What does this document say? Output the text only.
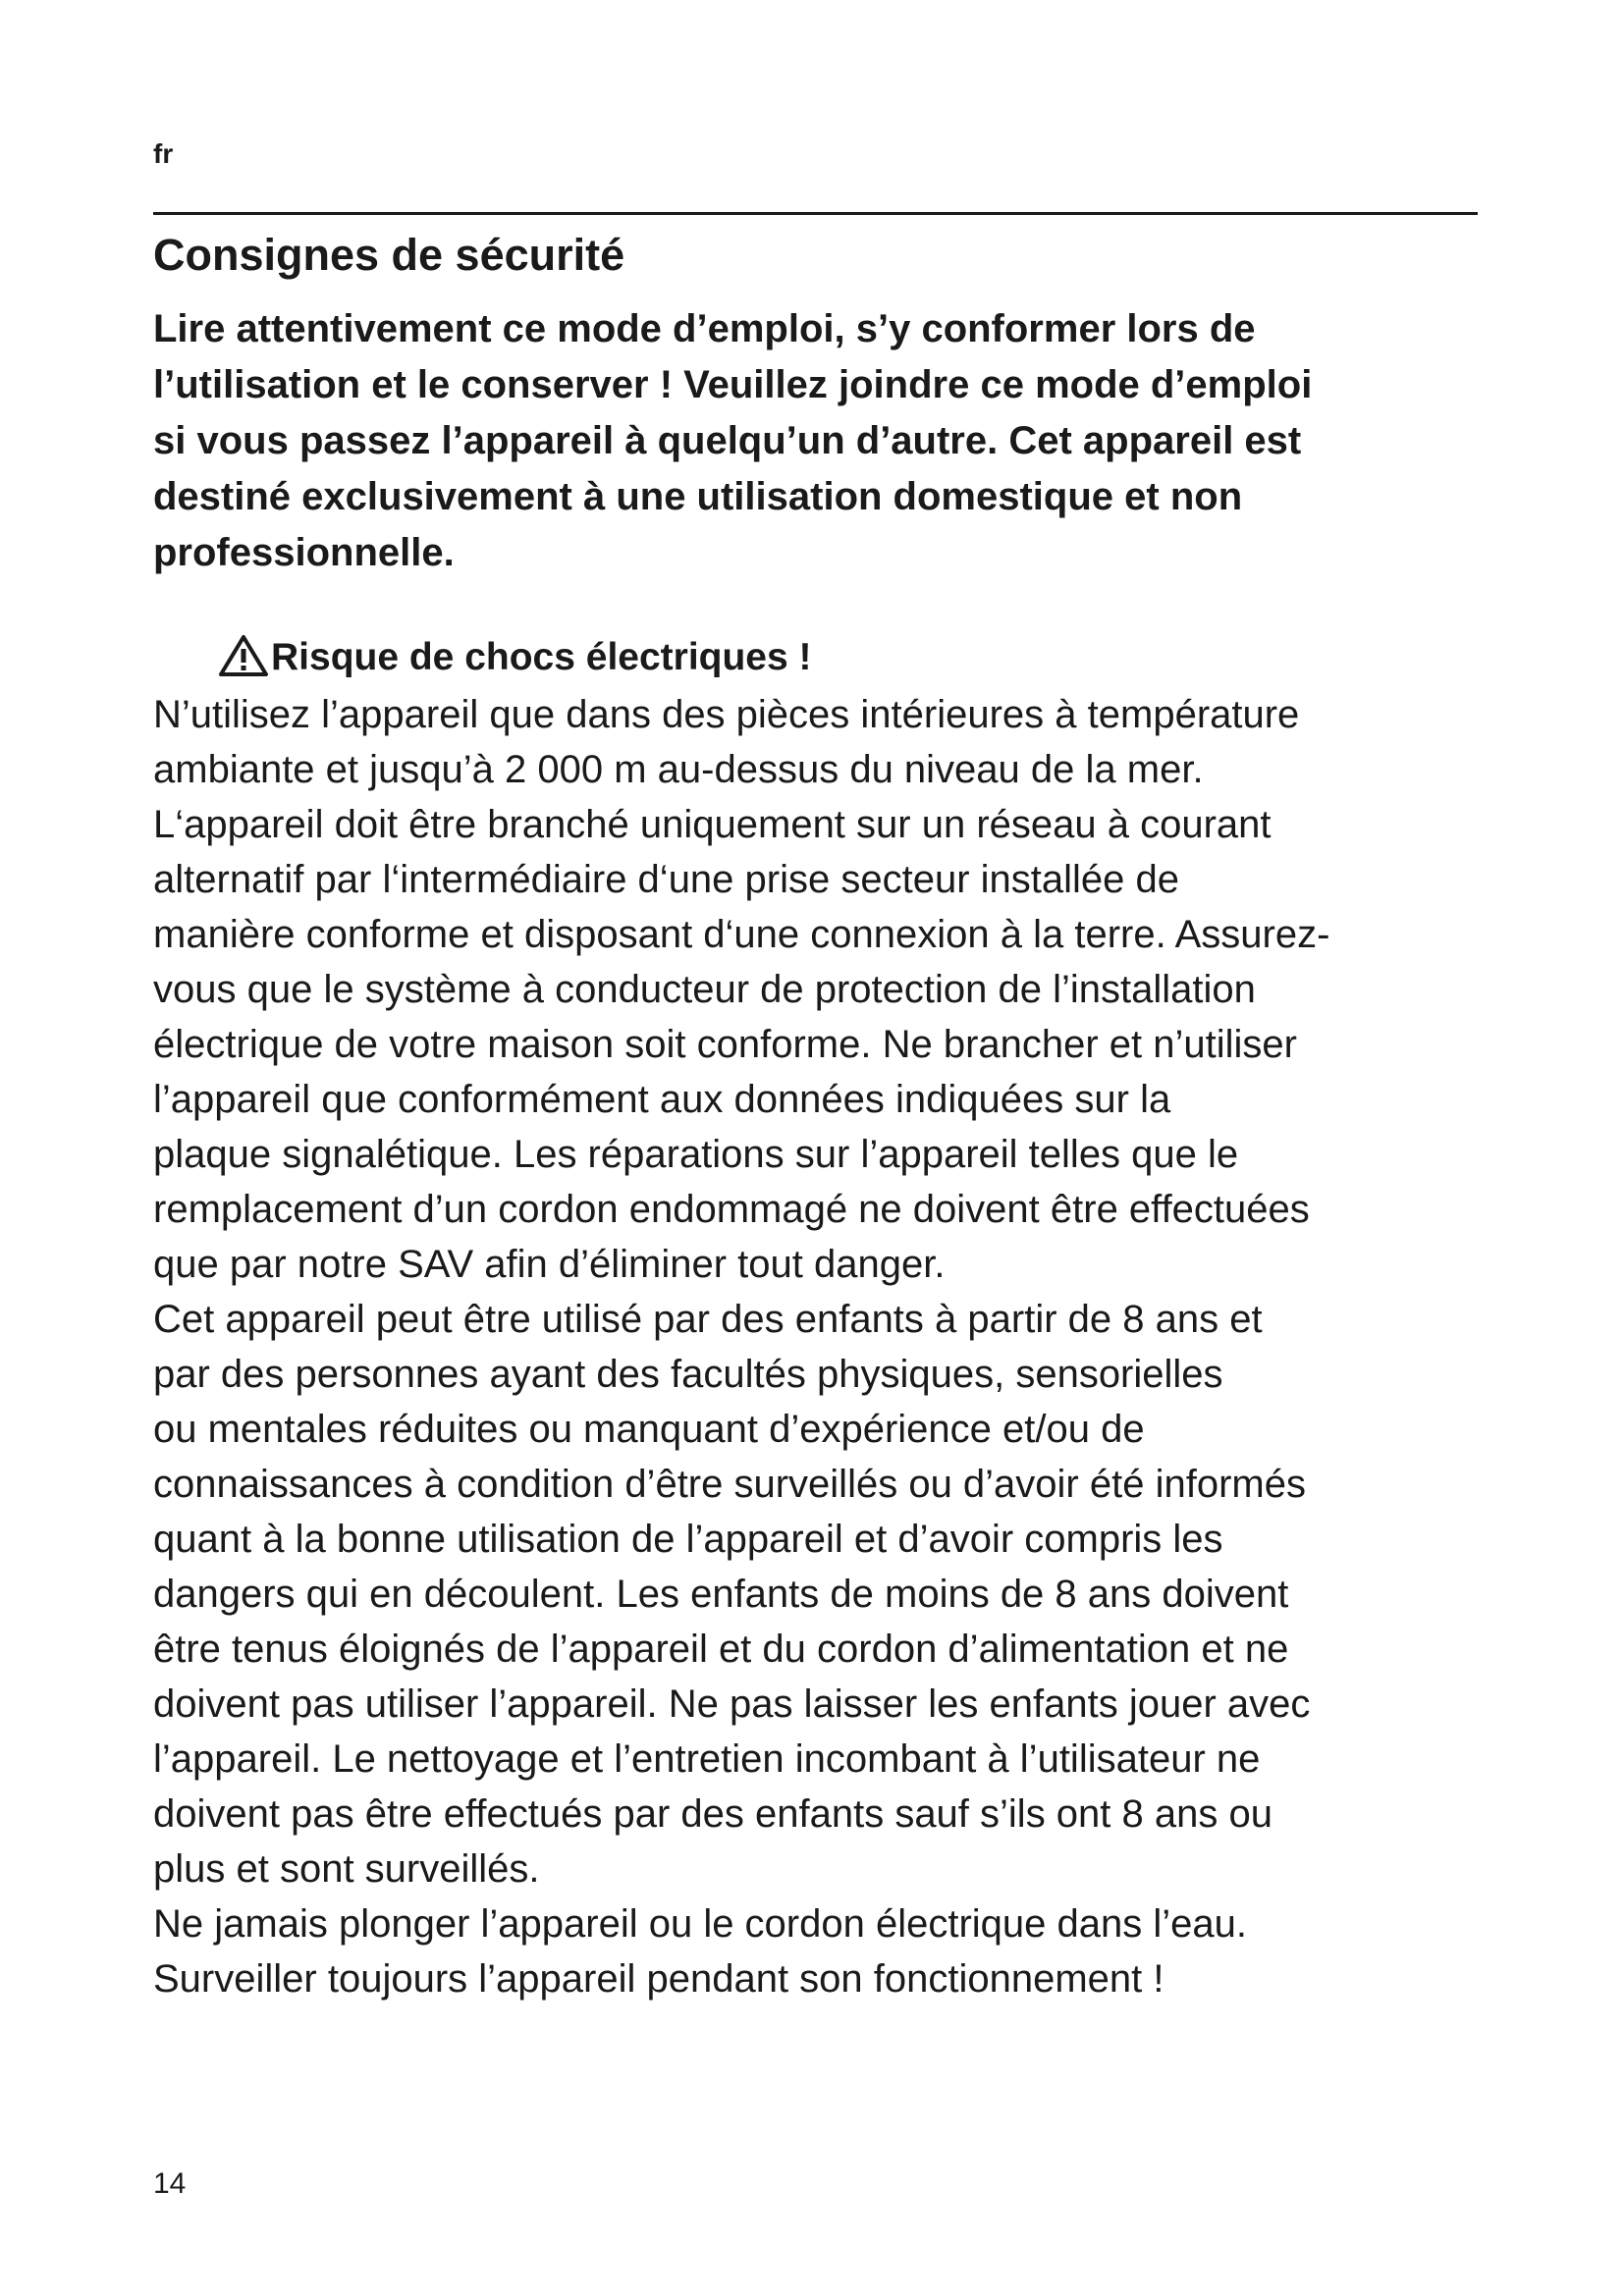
fr
Consignes de sécurité

Lire attentivement ce mode d’emploi, s’y conformer lors de
l’utilisation et le conserver ! Veuillez joindre ce mode d’emploi
si vous passez l’appareil à quelqu’un d’autre. Cet appareil est
destiné exclusivement à une utilisation domestique et non
professionnelle.

Risque de chocs électriques !

N’utilisez l’appareil que dans des pièces intérieures à température
ambiante et jusqu’à 2 000 m au-dessus du niveau de la mer.
L‘appareil doit être branché uniquement sur un réseau à courant
alternatif par l‘intermédiaire d‘une prise secteur installée de
manière conforme et disposant d‘une connexion à la terre. Assurez-
vous que le système à conducteur de protection de l’installation
électrique de votre maison soit conforme. Ne brancher et n’utiliser
l’appareil que conformément aux données indiquées sur la
plaque signalétique. Les réparations sur l’appareil telles que le
remplacement d’un cordon endommagé ne doivent être effectuées
que par notre SAV afin d’éliminer tout danger.
Cet appareil peut être utilisé par des enfants à partir de 8 ans et
par des personnes ayant des facultés physiques, sensorielles
ou mentales réduites ou manquant d’expérience et/ou de
connaissances à condition d’être surveillés ou d’avoir été informés
quant à la bonne utilisation de l’appareil et d’avoir compris les
dangers qui en découlent. Les enfants de moins de 8 ans doivent
être tenus éloignés de l’appareil et du cordon d’alimentation et ne
doivent pas utiliser l’appareil. Ne pas laisser les enfants jouer avec
l’appareil. Le nettoyage et l’entretien incombant à l’utilisateur ne
doivent pas être effectués par des enfants sauf s’ils ont 8 ans ou
plus et sont surveillés.
Ne jamais plonger l’appareil ou le cordon électrique dans l’eau.
Surveiller toujours l’appareil pendant son fonctionnement !

14
